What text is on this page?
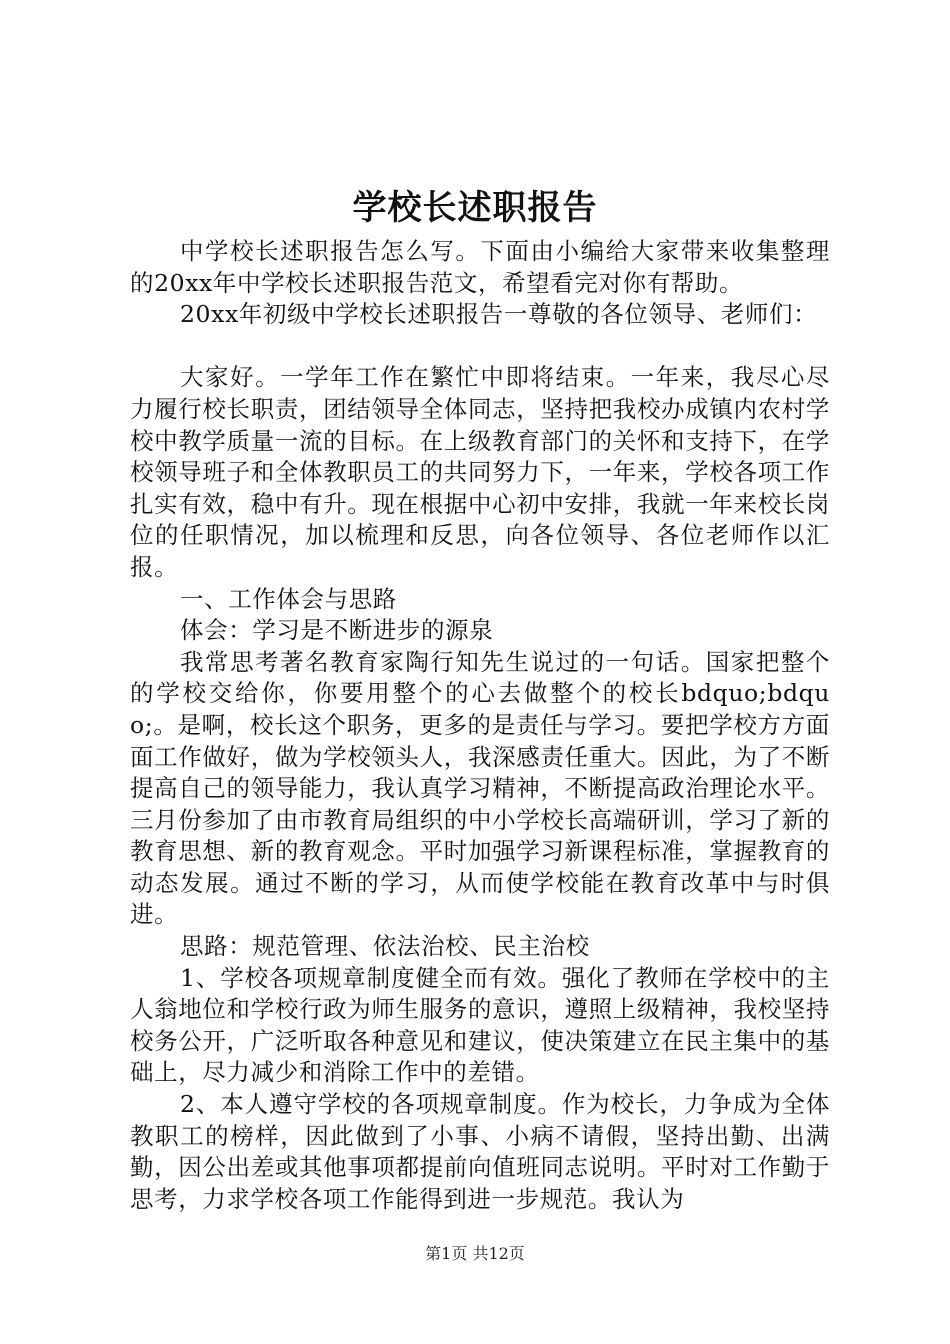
学校长述职报告

中学校长述职报告怎么写。下面由小编给大家带来收集整理的20xx年中学校长述职报告范文，希望看完对你有帮助。

20xx年初级中学校长述职报告一尊敬的各位领导、老师们：

大家好。一学年工作在繁忙中即将结束。一年来，我尽心尽力履行校长职责，团结领导全体同志，坚持把我校办成镇内农村学校中教学质量一流的目标。在上级教育部门的关怀和支持下，在学校领导班子和全体教职员工的共同努力下，一年来，学校各项工作扎实有效，稳中有升。现在根据中心初中安排，我就一年来校长岗位的任职情况，加以梳理和反思，向各位领导、各位老师作以汇报。

一、工作体会与思路

体会：学习是不断进步的源泉

我常思考著名教育家陶行知先生说过的一句话。国家把整个的学校交给你，你要用整个的心去做整个的校长bdquo;bdquo;。是啊，校长这个职务，更多的是责任与学习。要把学校方方面面工作做好，做为学校领头人，我深感责任重大。因此，为了不断提高自己的领导能力，我认真学习精神，不断提高政治理论水平。三月份参加了由市教育局组织的中小学校长高端研训，学习了新的教育思想、新的教育观念。平时加强学习新课程标准，掌握教育的动态发展。通过不断的学习，从而使学校能在教育改革中与时俱进。

思路：规范管理、依法治校、民主治校

1、学校各项规章制度健全而有效。强化了教师在学校中的主人翁地位和学校行政为师生服务的意识，遵照上级精神，我校坚持校务公开，广泛听取各种意见和建议，使决策建立在民主集中的基础上，尽力减少和消除工作中的差错。

2、本人遵守学校的各项规章制度。作为校长，力争成为全体教职工的榜样，因此做到了小事、小病不请假，坚持出勤、出满勤，因公出差或其他事项都提前向值班同志说明。平时对工作勤于思考，力求学校各项工作能得到进一步规范。我认为

第1页 共12页
